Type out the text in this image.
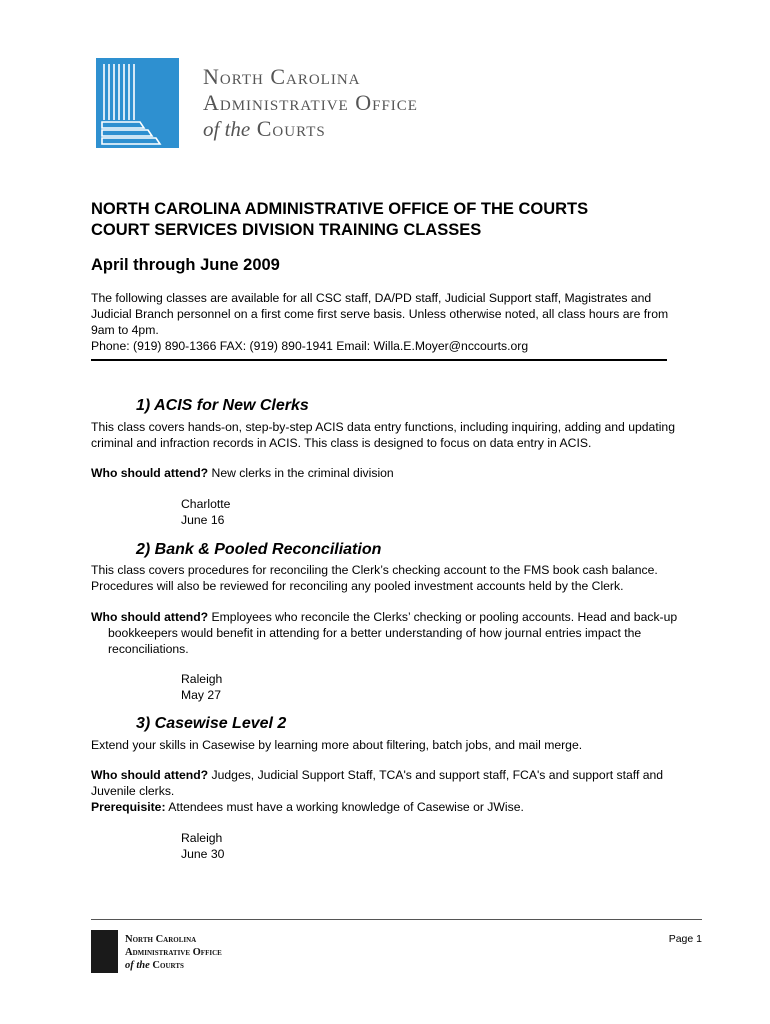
North Carolina
Administrative Office
of the Courts
NORTH CAROLINA ADMINISTRATIVE OFFICE OF THE COURTS
COURT SERVICES DIVISION TRAINING CLASSES
April through June 2009
The following classes are available for all CSC staff, DA/PD staff, Judicial Support staff, Magistrates and Judicial Branch personnel on a first come first serve basis. Unless otherwise noted, all class hours are from 9am to 4pm.
Phone: (919) 890-1366 FAX: (919) 890-1941 Email: Willa.E.Moyer@nccourts.org
1) ACIS for New Clerks
This class covers hands-on, step-by-step ACIS data entry functions, including inquiring, adding and updating criminal and infraction records in ACIS. This class is designed to focus on data entry in ACIS.
Who should attend? New clerks in the criminal division
Charlotte
June 16
2) Bank & Pooled Reconciliation
This class covers procedures for reconciling the Clerk’s checking account to the FMS book cash balance. Procedures will also be reviewed for reconciling any pooled investment accounts held by the Clerk.
Who should attend? Employees who reconcile the Clerks’ checking or pooling accounts. Head and back-up bookkeepers would benefit in attending for a better understanding of how journal entries impact the reconciliations.
Raleigh
May 27
3) Casewise Level 2
Extend your skills in Casewise by learning more about filtering, batch jobs, and mail merge.
Who should attend? Judges, Judicial Support Staff, TCA's and support staff, FCA's and support staff and Juvenile clerks.
Prerequisite: Attendees must have a working knowledge of Casewise or JWise.
Raleigh
June 30
North Carolina
Administrative Office
of the Courts
Page 1
